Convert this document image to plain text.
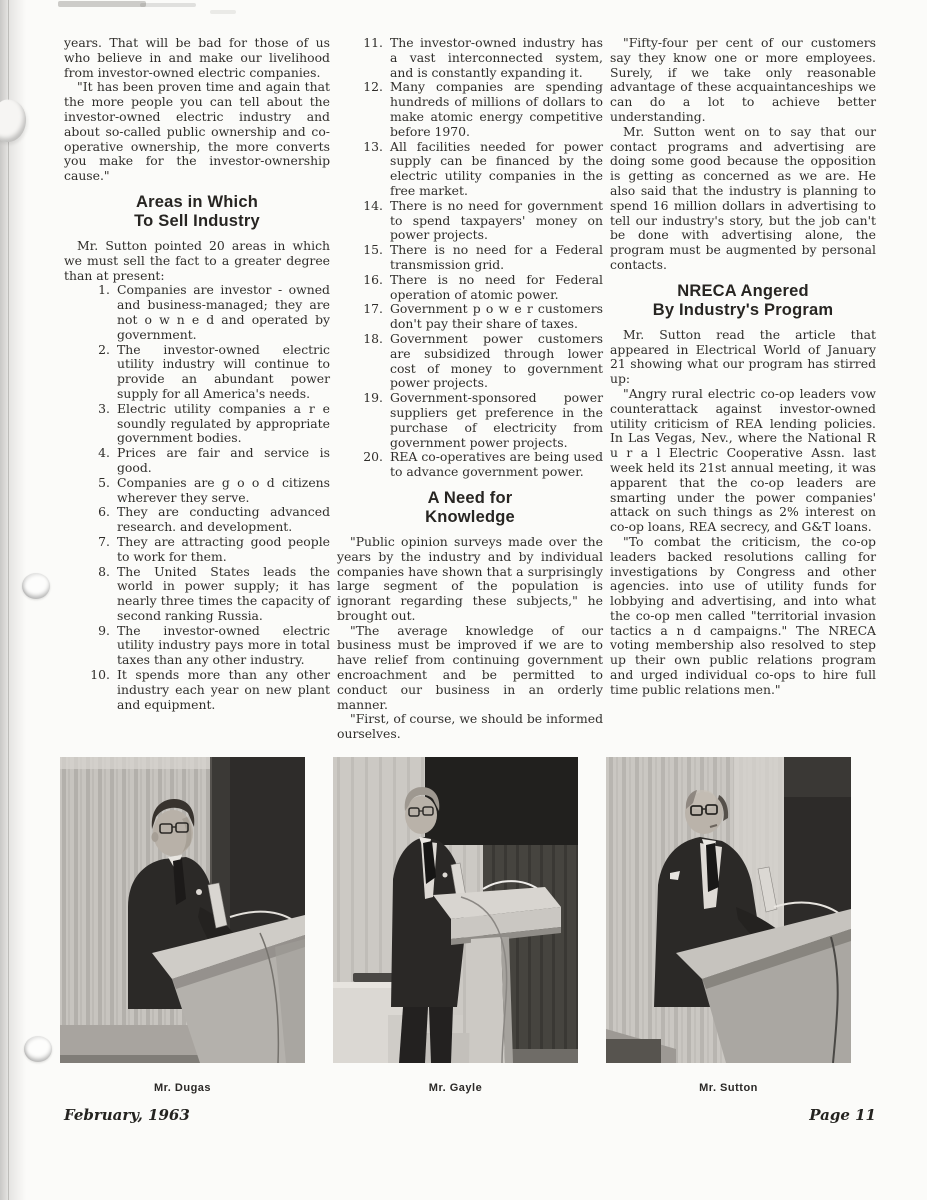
years. That will be bad for those of us who believe in and make our livelihood from investor-owned electric companies.

"It has been proven time and again that the more people you can tell about the investor-owned electric industry and about so-called public ownership and co-operative ownership, the more converts you make for the investor-ownership cause."

Areas in Which
To Sell Industry

Mr. Sutton pointed 20 areas in which we must sell the fact to a greater degree than at present:

1. Companies are investor - owned and business-managed; they are not o w n e d and operated by government.
2. The investor-owned electric utility industry will continue to provide an abundant power supply for all America's needs.
3. Electric utility companies a r e soundly regulated by appropriate government bodies.
4. Prices are fair and service is good.
5. Companies are g o o d citizens wherever they serve.
6. They are conducting advanced research. and development.
7. They are attracting good people to work for them.
8. The United States leads the world in power supply; it has nearly three times the capacity of second ranking Russia.
9. The investor-owned electric utility industry pays more in total taxes than any other industry.
10. It spends more than any other industry each year on new plant and equipment.
11. The investor-owned industry has a vast interconnected system, and is constantly expanding it.
12. Many companies are spending hundreds of millions of dollars to make atomic energy competitive before 1970.
13. All facilities needed for power supply can be financed by the electric utility companies in the free market.
14. There is no need for government to spend taxpayers' money on power projects.
15. There is no need for a Federal transmission grid.
16. There is no need for Federal operation of atomic power.
17. Government p o w e r customers don't pay their share of taxes.
18. Government power customers are subsidized through lower cost of money to government power projects.
19. Government-sponsored power suppliers get preference in the purchase of electricity from government power projects.
20. REA co-operatives are being used to advance government power.
A Need for
Knowledge

"Public opinion surveys made over the years by the industry and by individual companies have shown that a surprisingly large segment of the population is ignorant regarding these subjects," he brought out.

"The average knowledge of our business must be improved if we are to have relief from continuing government encroachment and be permitted to conduct our business in an orderly manner.

"First, of course, we should be informed ourselves.

"Fifty-four per cent of our customers say they know one or more employees. Surely, if we take only reasonable advantage of these acquaintanceships we can do a lot to achieve better understanding.

Mr. Sutton went on to say that our contact programs and advertising are doing some good because the opposition is getting as concerned as we are. He also said that the industry is planning to spend 16 million dollars in advertising to tell our industry's story, but the job can't be done with advertising alone, the program must be augmented by personal contacts.

NRECA Angered
By Industry's Program

Mr. Sutton read the article that appeared in Electrical World of January 21 showing what our program has stirred up:

"Angry rural electric co-op leaders vow counterattack against investor-owned utility criticism of REA lending policies. In Las Vegas, Nev., where the National R u r a l Electric Cooperative Assn. last week held its 21st annual meeting, it was apparent that the co-op leaders are smarting under the power companies' attack on such things as 2% interest on co-op loans, REA secrecy, and G&T loans.

"To combat the criticism, the co-op leaders backed resolutions calling for investigations by Congress and other agencies. into use of utility funds for lobbying and advertising, and into what the co-op men called "territorial invasion tactics a n d campaigns." The NRECA voting membership also resolved to step up their own public relations program and urged individual co-ops to hire full time public relations men."

Mr. Dugas	Mr. Gayle	Mr. Sutton
February, 1963	Page 11
